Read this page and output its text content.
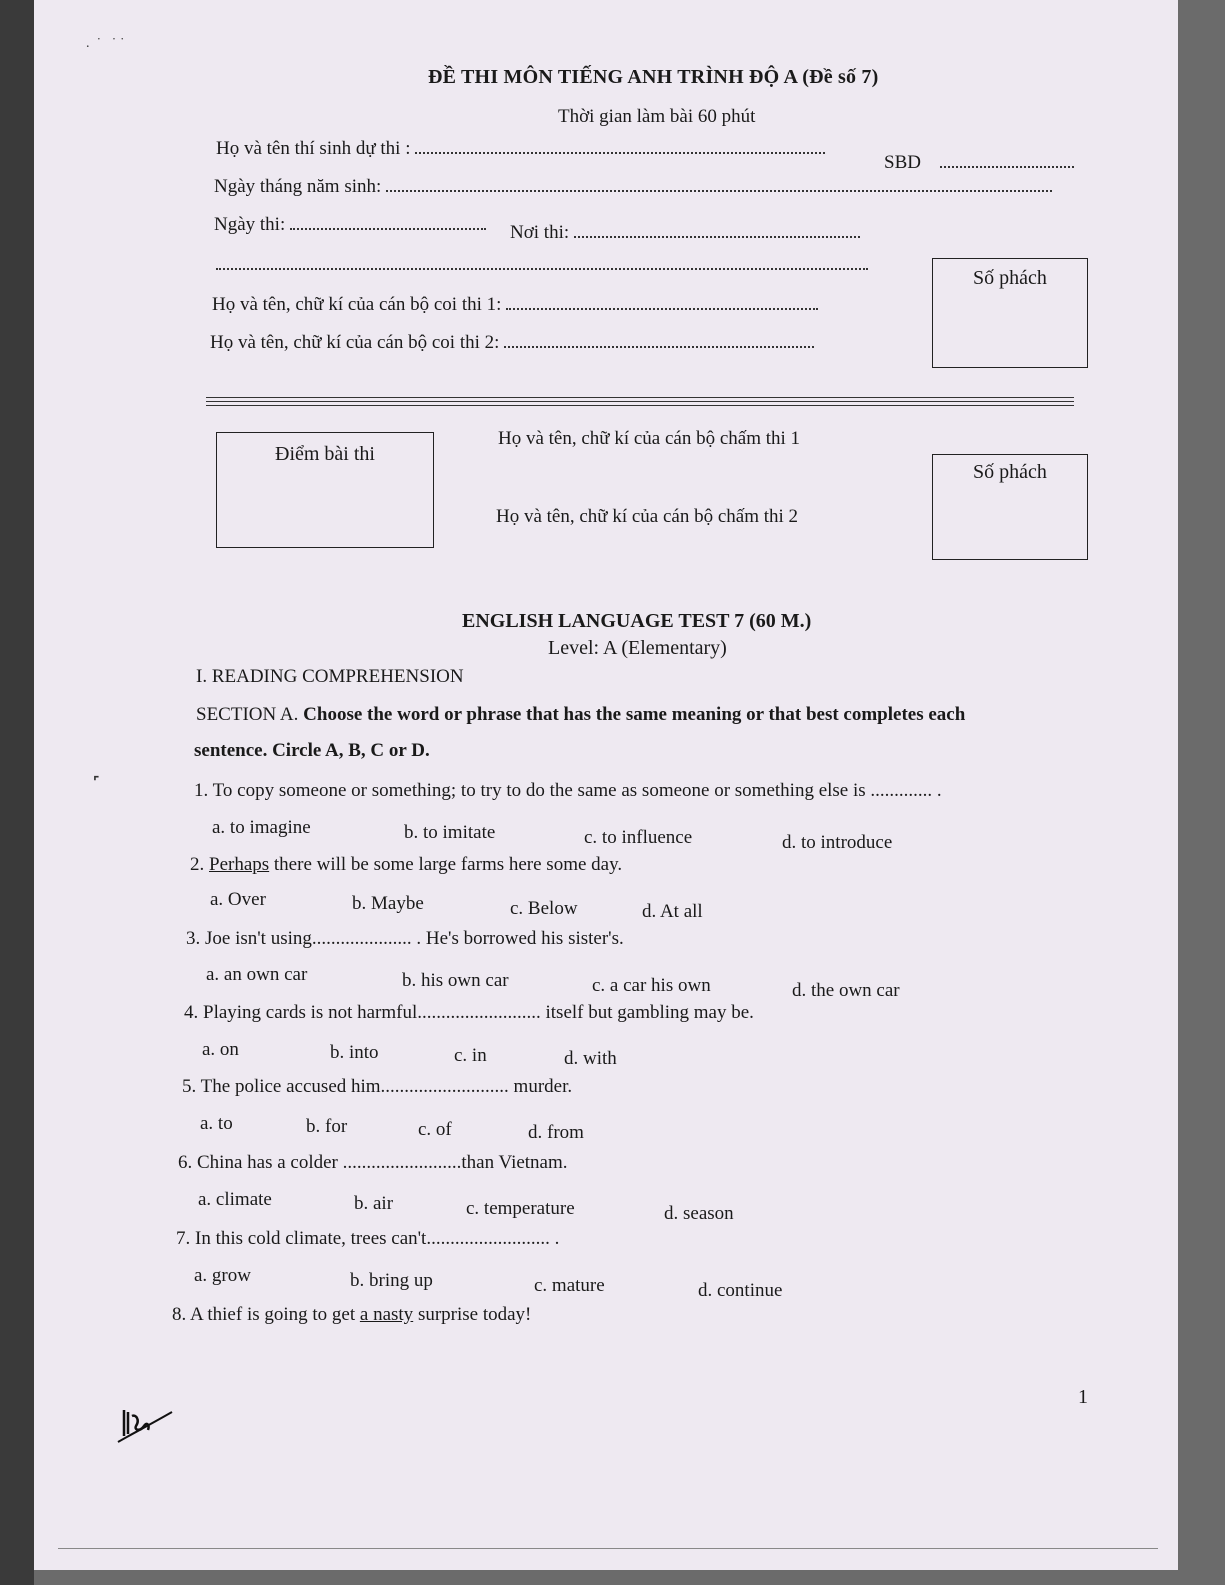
.  ˙   ˙ ˙
˹
ĐỀ THI MÔN TIẾNG ANH TRÌNH ĐỘ A (Đề số 7)
Thời gian làm bài 60 phút
Họ và tên thí sinh dự thi :
SBD
Ngày tháng năm sinh:
Ngày thi:	Nơi thi:
Họ và tên, chữ kí của cán bộ coi thi 1:
Họ và tên, chữ kí của cán bộ coi thi 2:
Số phách
Điểm bài thi
Họ và tên, chữ kí của cán bộ chấm thi 1
Họ và tên, chữ kí của cán bộ chấm thi 2
Số phách
ENGLISH LANGUAGE TEST 7 (60 M.)
Level: A (Elementary)
I. READING COMPREHENSION
SECTION A. Choose the word or phrase that has the same meaning or that best completes each
sentence. Circle A, B, C or D.
1. To copy someone or something; to try to do the same as someone or something else is ............. .
a. to imagine	b. to imitate	c. to influence	d. to introduce
2. Perhaps there will be some large farms here some day.
a. Over	b. Maybe	c. Below	d. At all
3. Joe isn't using..................... . He's borrowed his sister's.
a. an own car	b. his own car	c. a car his own	d. the own car
4. Playing cards is not harmful.......................... itself but gambling may be.
a. on	b. into	c. in	d. with
5. The police accused him........................... murder.
a. to	b. for	c. of	d. from
6. China has a colder .........................than Vietnam.
a. climate	b. air	c. temperature	d. season
7. In this cold climate, trees can't.......................... .
a. grow	b. bring up	c. mature	d. continue
8. A thief is going to get a nasty surprise today!
1
